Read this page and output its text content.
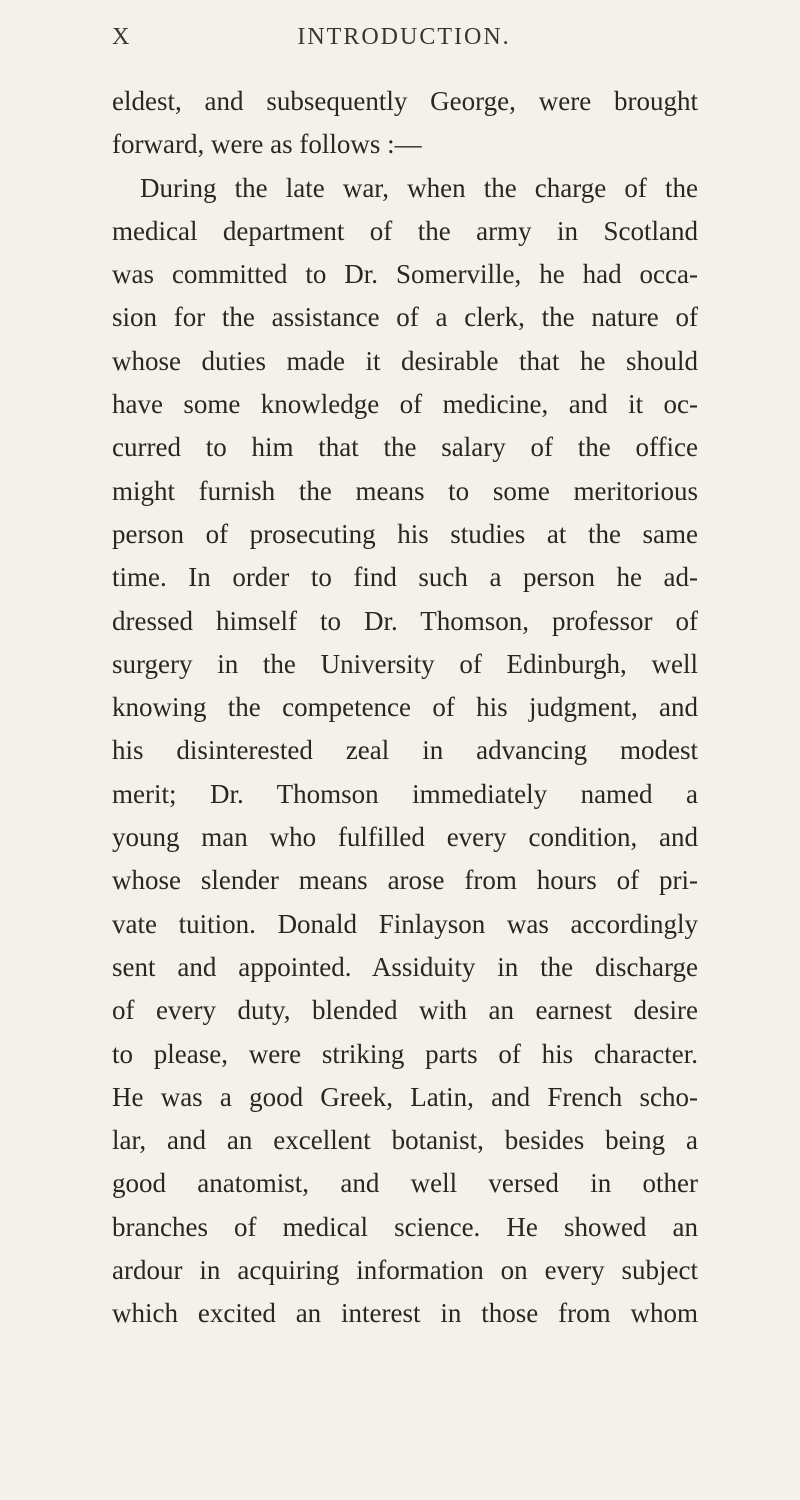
X	INTRODUCTION.
eldest, and subsequently George, were brought
forward, were as follows :—
During the late war, when the charge of the
medical department of the army in Scotland
was committed to Dr. Somerville, he had occa-
sion for the assistance of a clerk, the nature of
whose duties made it desirable that he should
have some knowledge of medicine, and it oc-
curred to him that the salary of the office
might furnish the means to some meritorious
person of prosecuting his studies at the same
time. In order to find such a person he ad-
dressed himself to Dr. Thomson, professor of
surgery in the University of Edinburgh, well
knowing the competence of his judgment, and
his disinterested zeal in advancing modest
merit; Dr. Thomson immediately named a
young man who fulfilled every condition, and
whose slender means arose from hours of pri-
vate tuition. Donald Finlayson was accordingly
sent and appointed. Assiduity in the discharge
of every duty, blended with an earnest desire
to please, were striking parts of his character.
He was a good Greek, Latin, and French scho-
lar, and an excellent botanist, besides being a
good anatomist, and well versed in other
branches of medical science. He showed an
ardour in acquiring information on every subject
which excited an interest in those from whom
